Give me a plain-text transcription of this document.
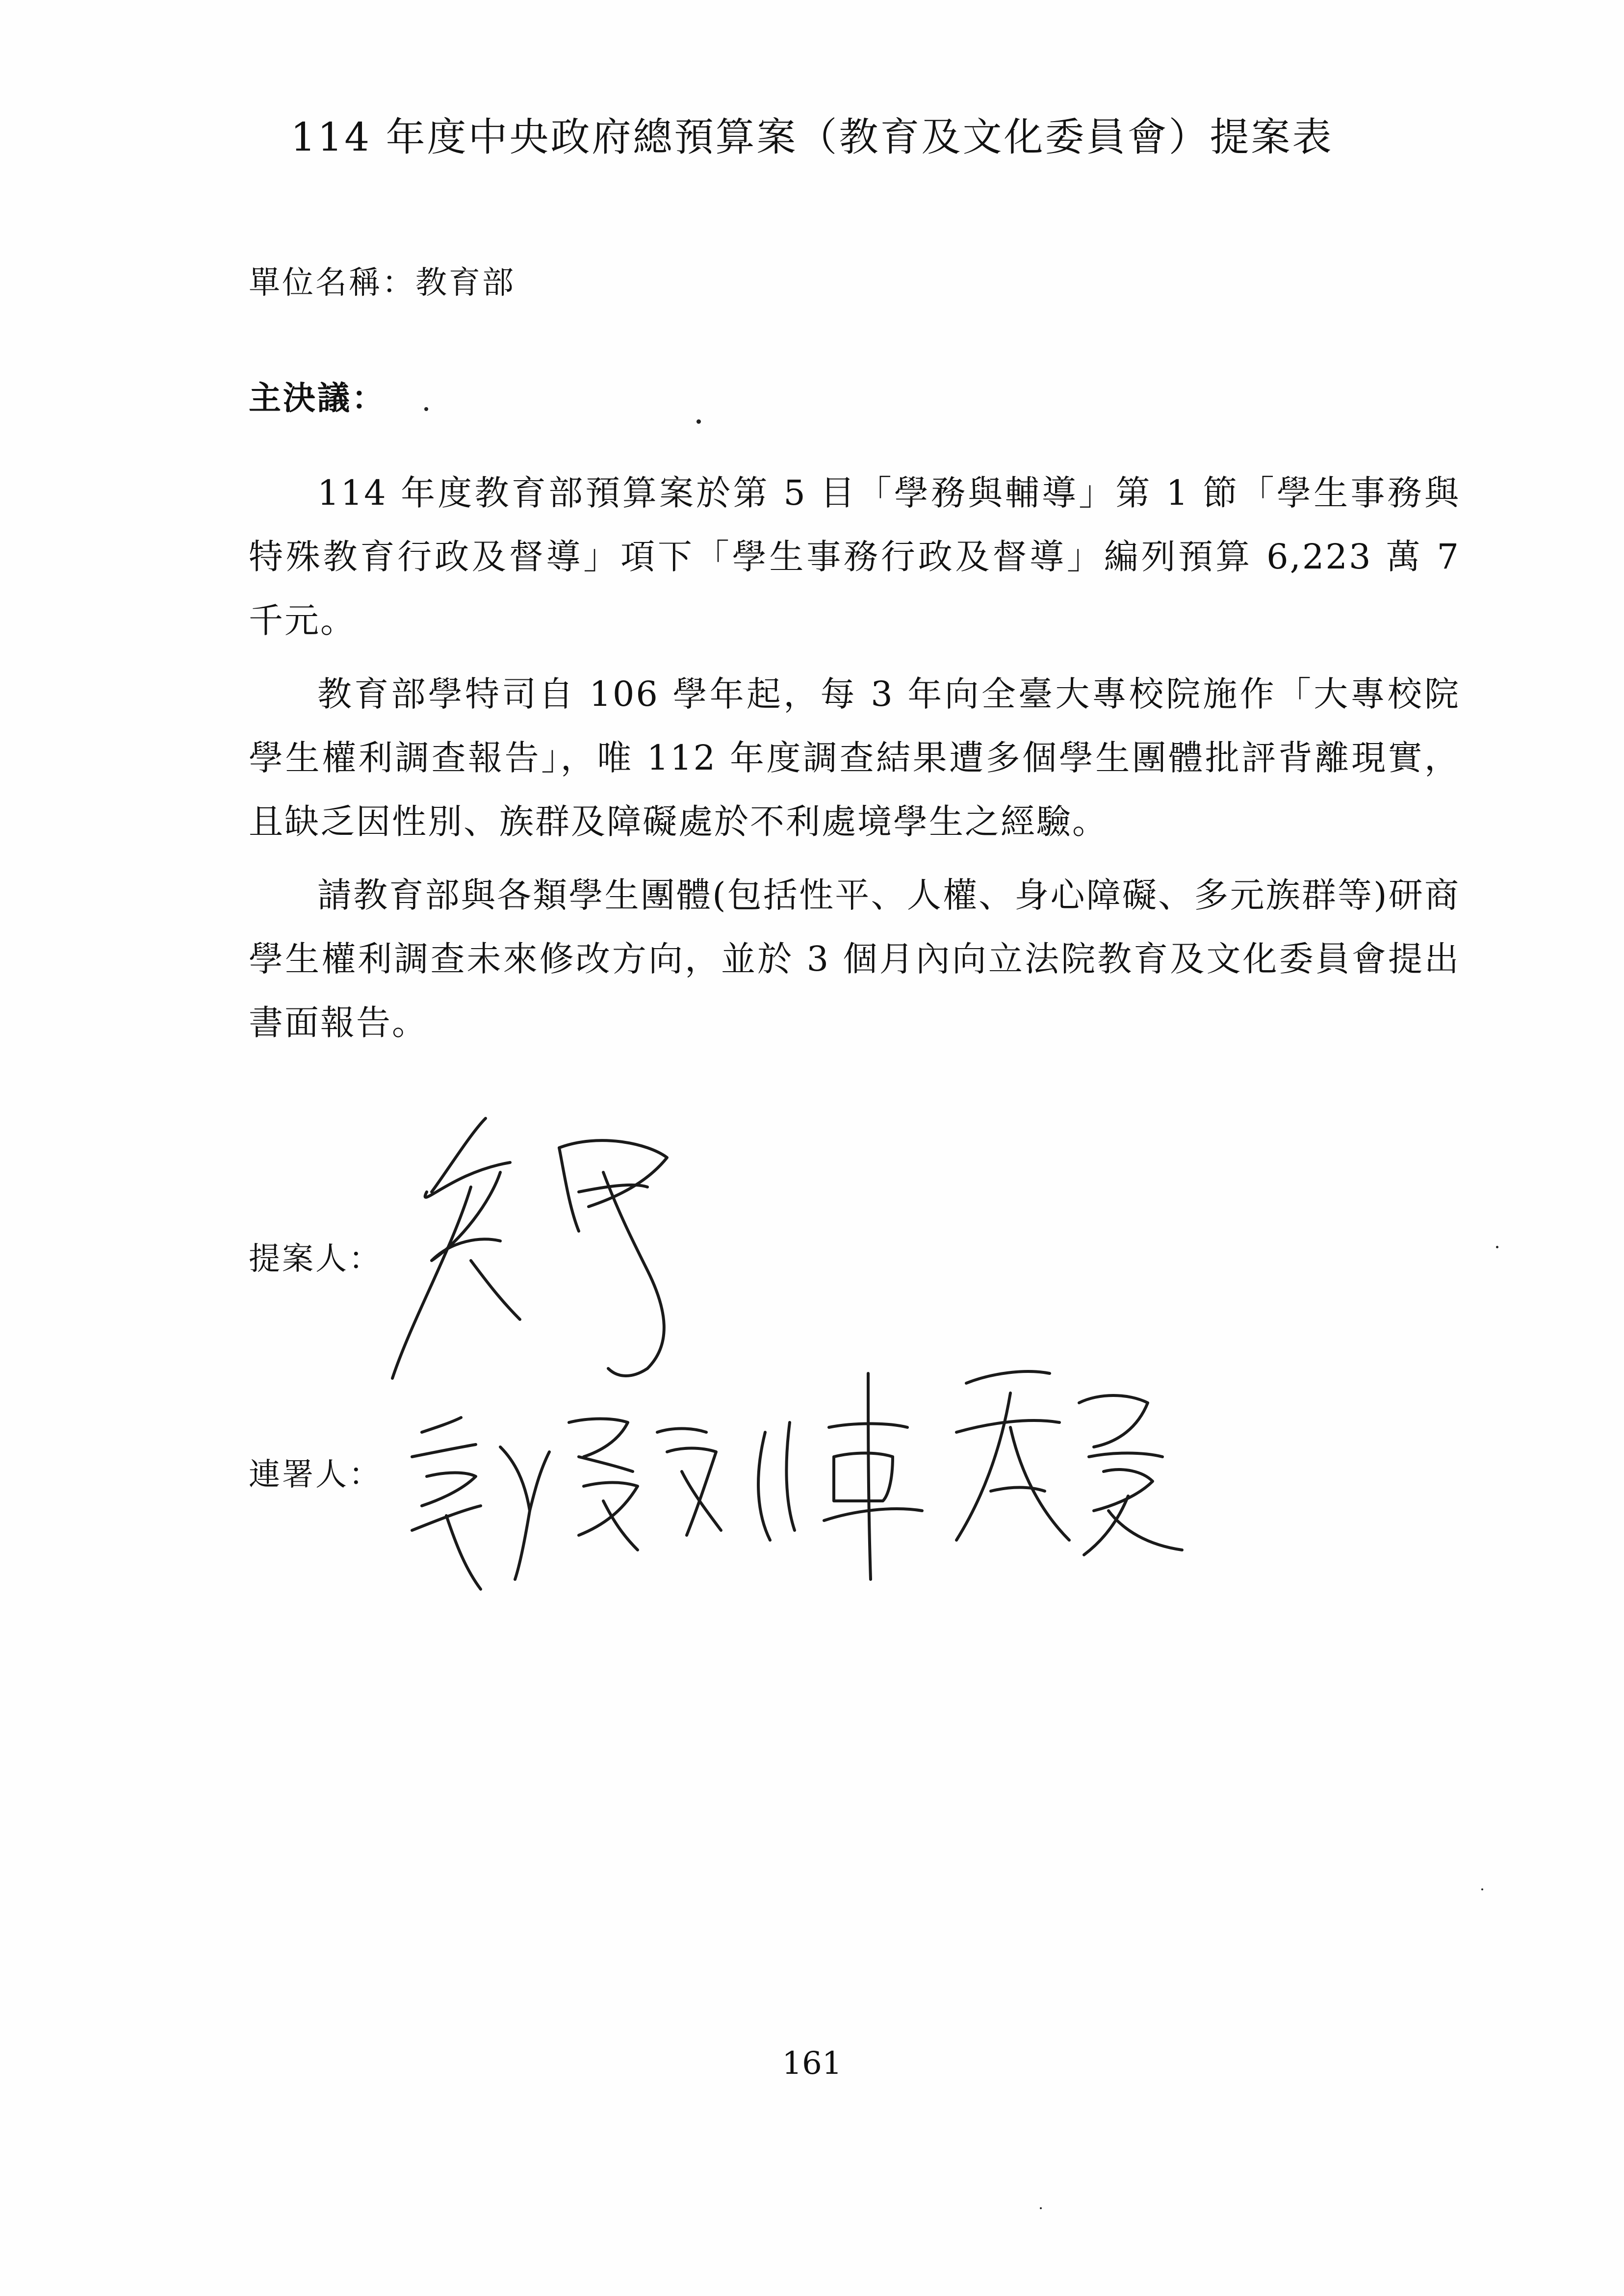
114 年度中央政府總預算案（教育及文化委員會）提案表
單位名稱：教育部
主決議：

114 年度教育部預算案於第 5 目「學務與輔導」第 1 節「學生事務與特殊教育行政及督導」項下「學生事務行政及督導」編列預算 6,223 萬 7 千元。

教育部學特司自 106 學年起，每 3 年向全臺大專校院施作「大專校院學生權利調查報告」，唯 112 年度調查結果遭多個學生團體批評背離現實，且缺乏因性別、族群及障礙處於不利處境學生之經驗。

請教育部與各類學生團體(包括性平、人權、身心障礙、多元族群等)研商學生權利調查未來修改方向，並於 3 個月內向立法院教育及文化委員會提出書面報告。

提案人：
連署人：
161
